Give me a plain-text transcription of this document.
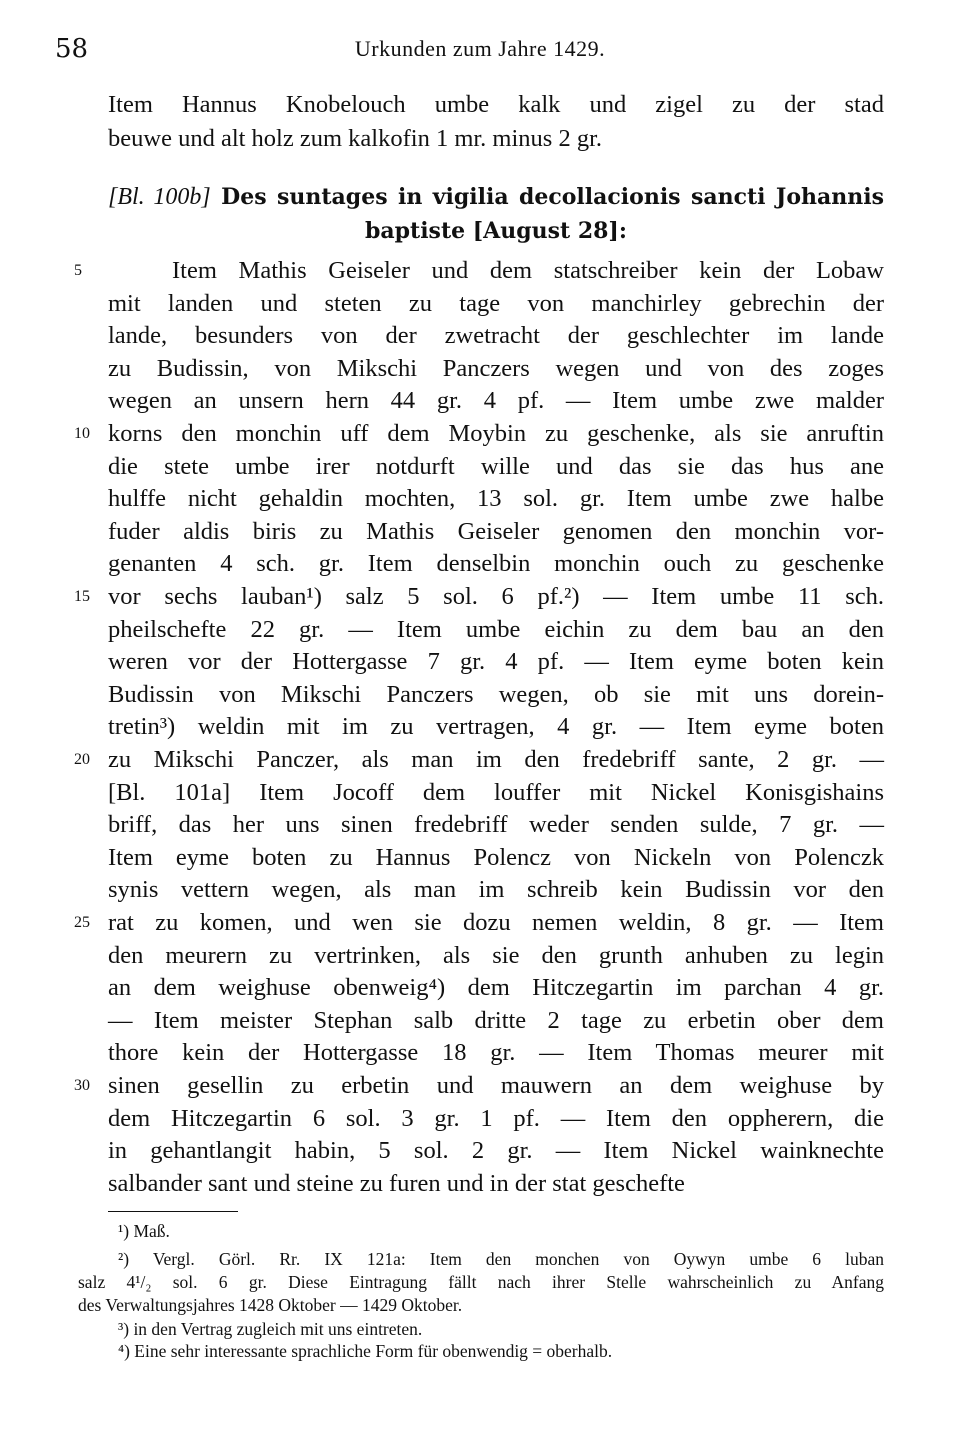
58	Urkunden zum Jahre 1429.
Item Hannus Knobelouch umbe kalk und zigel zu der stad
beuwe und alt holz zum kalkofin 1 mr. minus 2 gr.
[Bl. 100b] Des suntages in vigilia decollacionis sancti Johannis
baptiste [August 28]:
Item Mathis Geiseler und dem statschreiber kein der Lobaw
mit landen und steten zu tage von manchirley gebrechin der
lande, besunders von der zwetracht der geschlechter im lande
zu Budissin, von Mikschi Panczers wegen und von des zoges
wegen an unsern hern 44 gr. 4 pf. — Item umbe zwe malder
korns den monchin uff dem Moybin zu geschenke, als sie anruftin
die stete umbe irer notdurft wille und das sie das hus ane
hulffe nicht gehaldin mochten, 13 sol. gr. Item umbe zwe halbe
fuder aldis biris zu Mathis Geiseler genomen den monchin vor-
genanten 4 sch. gr. Item denselbin monchin ouch zu geschenke
vor sechs lauban¹) salz 5 sol. 6 pf.²) — Item umbe 11 sch.
pheilschefte 22 gr. — Item umbe eichin zu dem bau an den
weren vor der Hottergasse 7 gr. 4 pf. — Item eyme boten kein
Budissin von Mikschi Panczers wegen, ob sie mit uns dorein-
tretin³) weldin mit im zu vertragen, 4 gr. — Item eyme boten
zu Mikschi Panczer, als man im den fredebriff sante, 2 gr. —
[Bl. 101a] Item Jocoff dem louffer mit Nickel Konisgishains
briff, das her uns sinen fredebriff weder senden sulde, 7 gr. —
Item eyme boten zu Hannus Polencz von Nickeln von Polenczk
synis vettern wegen, als man im schreib kein Budissin vor den
rat zu komen, und wen sie dozu nemen weldin, 8 gr. — Item
den meurern zu vertrinken, als sie den grunth anhuben zu legin
an dem weighuse obenweig⁴) dem Hitczegartin im parchan 4 gr.
— Item meister Stephan salb dritte 2 tage zu erbetin ober dem
thore kein der Hottergasse 18 gr. — Item Thomas meurer mit
sinen gesellin zu erbetin und mauwern an dem weighuse by
dem Hitczegartin 6 sol. 3 gr. 1 pf. — Item den oppherern, die
in gehantlangit habin, 5 sol. 2 gr. — Item Nickel wainknechte
salbander sant und steine zu furen und in der stat geschefte
5
10
15
20
25
30
¹) Maß.
²) Vergl. Görl. Rr. IX 121a: Item den monchen von Oywyn umbe 6 luban
salz 4¹/₂ sol. 6 gr. Diese Eintragung fällt nach ihrer Stelle wahrscheinlich zu Anfang
des Verwaltungsjahres 1428 Oktober — 1429 Oktober.
³) in den Vertrag zugleich mit uns eintreten.
⁴) Eine sehr interessante sprachliche Form für obenwendig = oberhalb.
